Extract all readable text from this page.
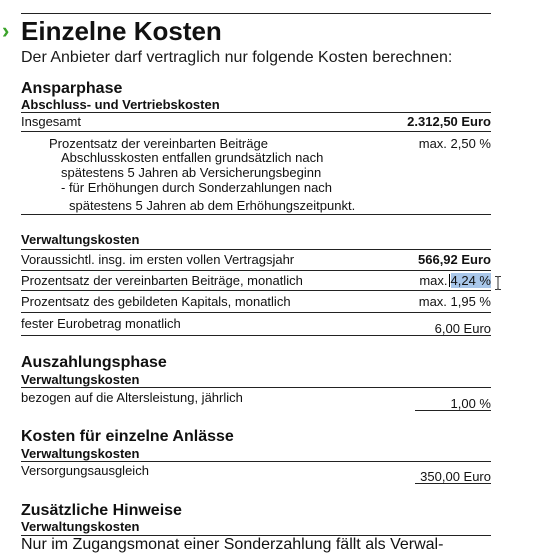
› Einzelne Kosten
Der Anbieter darf vertraglich nur folgende Kosten berechnen:
Ansparphase
Abschluss- und Vertriebskosten
Insgesamt	2.312,50 Euro
Prozentsatz der vereinbarten Beiträge	max. 2,50 %
Abschlusskosten entfallen grundsätzlich nach
spätestens 5 Jahren ab Versicherungsbeginn
- für Erhöhungen durch Sonderzahlungen nach
spätestens 5 Jahren ab dem Erhöhungszeitpunkt.
Verwaltungskosten
Voraussichtl. insg. im ersten vollen Vertragsjahr	566,92 Euro
Prozentsatz der vereinbarten Beiträge, monatlich	max. 4,24 %
Prozentsatz des gebildeten Kapitals, monatlich	max. 1,95 %
fester Eurobetrag monatlich	6,00 Euro
Auszahlungsphase
Verwaltungskosten
bezogen auf die Altersleistung, jährlich	1,00 %
Kosten für einzelne Anlässe
Verwaltungskosten
Versorgungsausgleich	350,00 Euro
Zusätzliche Hinweise
Verwaltungskosten
Nur im Zugangsmonat einer Sonderzahlung fällt als Verwal-
